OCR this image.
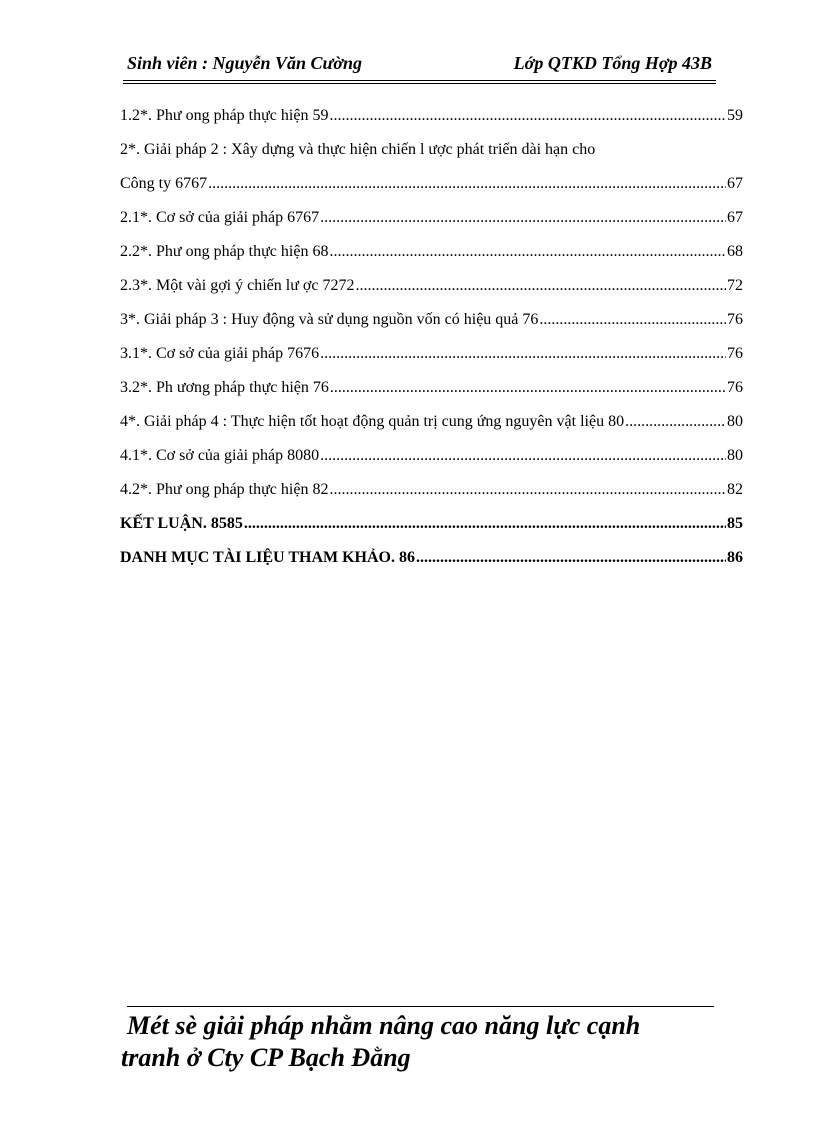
Sinh viên : Nguyễn Văn Cường	Lớp QTKD Tổng Hợp 43B
1.2*. Phư ong pháp thực hiện 59 .....	59
2*. Giải pháp 2 : Xây dựng và thực hiện chiến l ược phát triển dài hạn cho
Công ty 6767 .....	67
2.1*. Cơ sở của giải pháp 6767 .....	67
2.2*. Phư ong pháp thực hiện 68 .....	68
2.3*. Một vài gợi ý chiến lư ợc 7272 .....	72
3*. Giải pháp 3 : Huy động và sử dụng nguồn vốn có hiệu quả 76 .....	76
3.1*. Cơ sở của giải pháp 7676 .....	76
3.2*. Ph ương pháp thực hiện 76 .....	76
4*. Giải pháp 4 : Thực hiện tốt hoạt động quản trị cung ứng nguyên vật liệu 80 .....	80
4.1*. Cơ sở của giải pháp 8080 .....	80
4.2*. Phư ong pháp thực hiện 82 .....	82
KẾT LUẬN. 8585 .....	85
DANH MỤC TÀI LIỆU THAM KHẢO. 86 .....	86
Mét sè giải pháp nhằm nâng cao năng lực cạnh
tranh ở Cty CP Bạch Đằng
